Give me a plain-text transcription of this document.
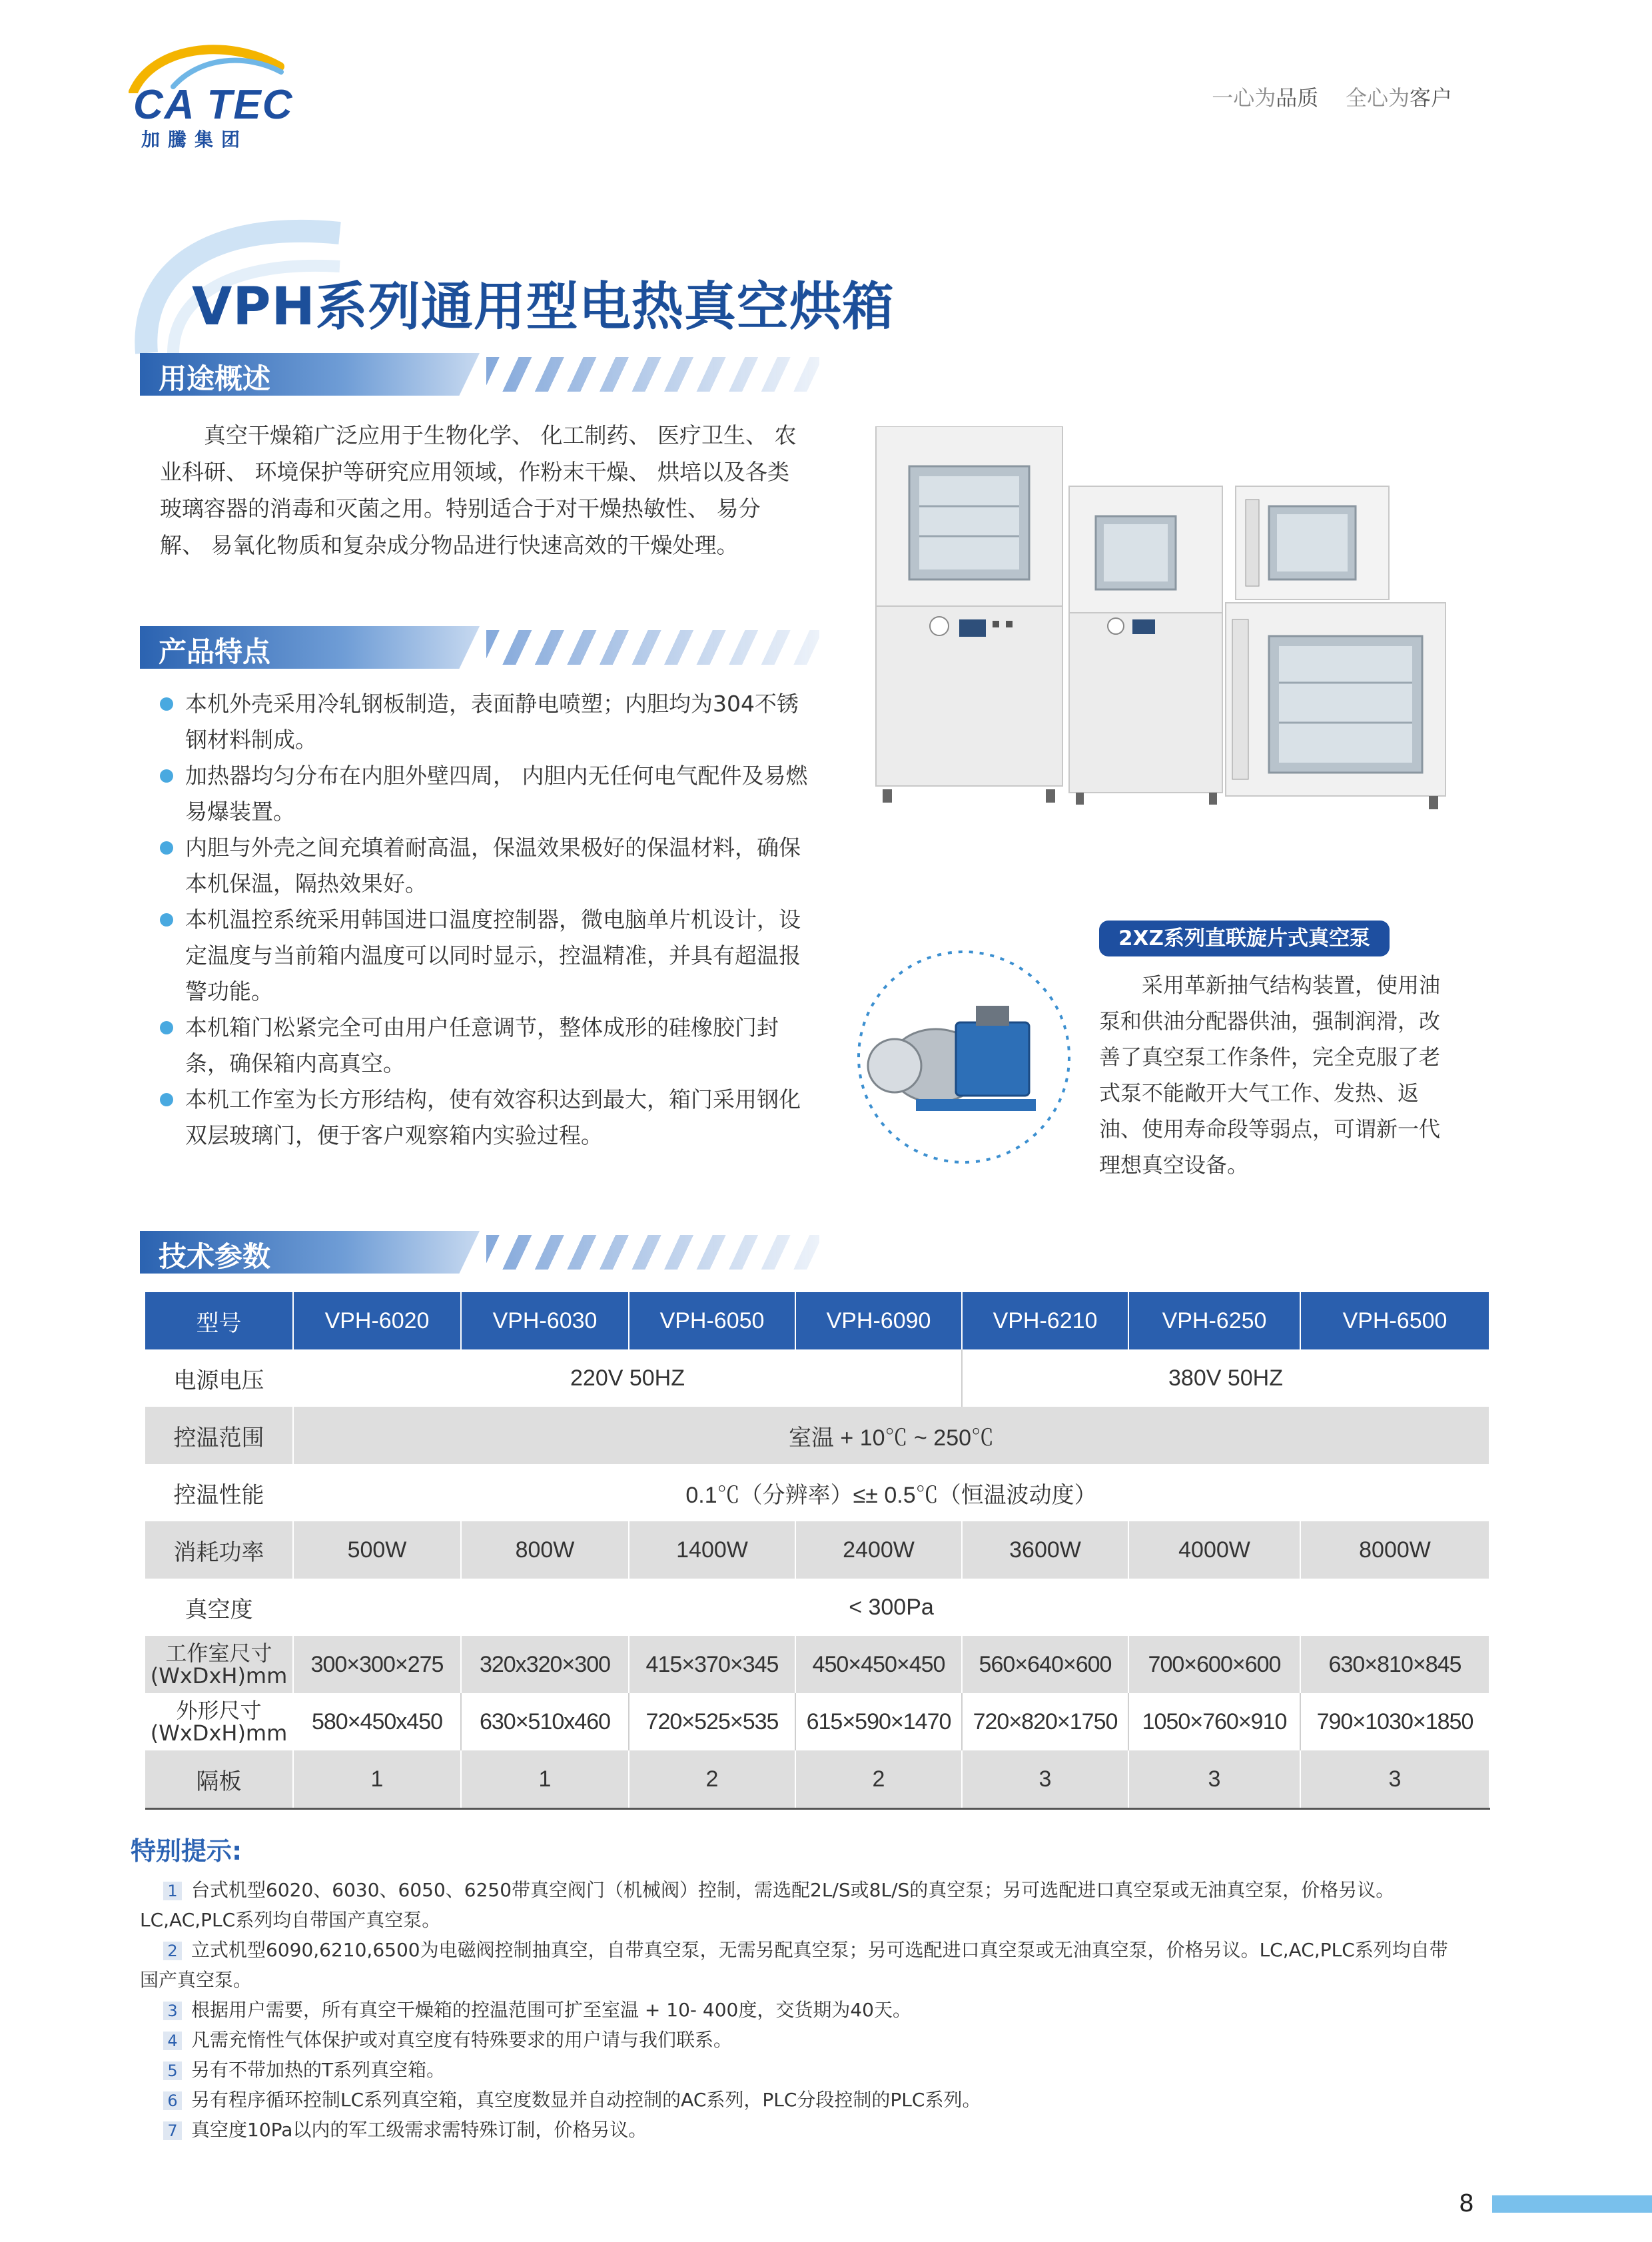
CA TEC
加騰集团
一心为品质 全心为客户
VPH系列通用型电热真空烘箱
用途概述
真空干燥箱广泛应用于生物化学、 化工制药、 医疗卫生、 农业科研、 环境保护等研究应用领域，作粉末干燥、 烘培以及各类玻璃容器的消毒和灭菌之用。特别适合于对干燥热敏性、 易分解、 易氧化物质和复杂成分物品进行快速高效的干燥处理。
产品特点
本机外壳采用冷轧钢板制造，表面静电喷塑；内胆均为304不锈钢材料制成。
加热器均匀分布在内胆外壁四周， 内胆内无任何电气配件及易燃易爆装置。
内胆与外壳之间充填着耐高温，保温效果极好的保温材料，确保本机保温，隔热效果好。
本机温控系统采用韩国进口温度控制器，微电脑单片机设计，设定温度与当前箱内温度可以同时显示，控温精准，并具有超温报警功能。
本机箱门松紧完全可由用户任意调节，整体成形的硅橡胶门封条，确保箱内高真空。
本机工作室为长方形结构，使有效容积达到最大，箱门采用钢化双层玻璃门，便于客户观察箱内实验过程。
2XZ系列直联旋片式真空泵
采用革新抽气结构装置，使用油泵和供油分配器供油，强制润滑，改善了真空泵工作条件，完全克服了老式泵不能敞开大气工作、发热、返油、使用寿命段等弱点，可谓新一代理想真空设备。
技术参数
型号	VPH-6020	VPH-6030	VPH-6050	VPH-6090	VPH-6210	VPH-6250	VPH-6500
电源电压	220V 50HZ				380V 50HZ		
控温范围	室温 + 10℃ ~ 250℃						
控温性能	0.1℃（分辨率）≤± 0.5℃（恒温波动度）						
消耗功率	500W	800W	1400W	2400W	3600W	4000W	8000W
真空度	< 300Pa						

工作室尺寸
(WxDxH)mm	300×300×275	320x320×300	415×370×345	450×450×450	560×640×600	700×600×600	630×810×845

外形尺寸
(WxDxH)mm	580×450x450	630×510x460	720×525×535	615×590×1470	720×820×1750	1050×760×910	790×1030×1850
隔板	1	1	2	2	3	3	3
特别提示:
1 台式机型6020、6030、6050、6250带真空阀门（机械阀）控制，需选配2L/S或8L/S的真空泵；另可选配进口真空泵或无油真空泵，价格另议。
LC,AC,PLC系列均自带国产真空泵。
2 立式机型6090,6210,6500为电磁阀控制抽真空，自带真空泵，无需另配真空泵；另可选配进口真空泵或无油真空泵，价格另议。LC,AC,PLC系列均自带
国产真空泵。
3 根据用户需要，所有真空干燥箱的控温范围可扩至室温 + 10- 400度，交货期为40天。
4 凡需充惰性气体保护或对真空度有特殊要求的用户请与我们联系。
5 另有不带加热的T系列真空箱。
6 另有程序循环控制LC系列真空箱，真空度数显并自动控制的AC系列，PLC分段控制的PLC系列。
7 真空度10Pa以内的军工级需求需特殊订制，价格另议。
8
